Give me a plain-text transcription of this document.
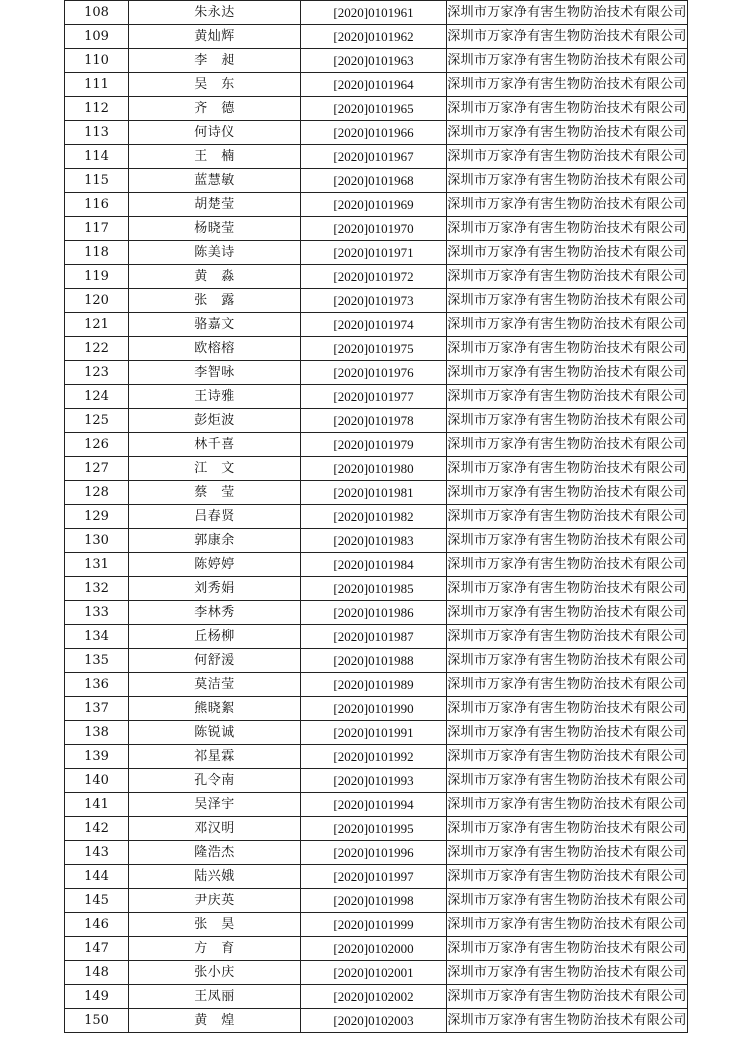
108	朱永达	[2020]0101961	深圳市万家净有害生物防治技术有限公司
109	黄灿辉	[2020]0101962	深圳市万家净有害生物防治技术有限公司
110	李　昶	[2020]0101963	深圳市万家净有害生物防治技术有限公司
111	吴　东	[2020]0101964	深圳市万家净有害生物防治技术有限公司
112	齐　德	[2020]0101965	深圳市万家净有害生物防治技术有限公司
113	何诗仪	[2020]0101966	深圳市万家净有害生物防治技术有限公司
114	王　楠	[2020]0101967	深圳市万家净有害生物防治技术有限公司
115	蓝慧敏	[2020]0101968	深圳市万家净有害生物防治技术有限公司
116	胡楚莹	[2020]0101969	深圳市万家净有害生物防治技术有限公司
117	杨晓莹	[2020]0101970	深圳市万家净有害生物防治技术有限公司
118	陈美诗	[2020]0101971	深圳市万家净有害生物防治技术有限公司
119	黄　淼	[2020]0101972	深圳市万家净有害生物防治技术有限公司
120	张　露	[2020]0101973	深圳市万家净有害生物防治技术有限公司
121	骆嘉文	[2020]0101974	深圳市万家净有害生物防治技术有限公司
122	欧榕榕	[2020]0101975	深圳市万家净有害生物防治技术有限公司
123	李智咏	[2020]0101976	深圳市万家净有害生物防治技术有限公司
124	王诗雅	[2020]0101977	深圳市万家净有害生物防治技术有限公司
125	彭炬波	[2020]0101978	深圳市万家净有害生物防治技术有限公司
126	林千喜	[2020]0101979	深圳市万家净有害生物防治技术有限公司
127	江　文	[2020]0101980	深圳市万家净有害生物防治技术有限公司
128	蔡　莹	[2020]0101981	深圳市万家净有害生物防治技术有限公司
129	吕春贤	[2020]0101982	深圳市万家净有害生物防治技术有限公司
130	郭康余	[2020]0101983	深圳市万家净有害生物防治技术有限公司
131	陈婷婷	[2020]0101984	深圳市万家净有害生物防治技术有限公司
132	刘秀娟	[2020]0101985	深圳市万家净有害生物防治技术有限公司
133	李林秀	[2020]0101986	深圳市万家净有害生物防治技术有限公司
134	丘杨柳	[2020]0101987	深圳市万家净有害生物防治技术有限公司
135	何舒湲	[2020]0101988	深圳市万家净有害生物防治技术有限公司
136	莫洁莹	[2020]0101989	深圳市万家净有害生物防治技术有限公司
137	熊晓絮	[2020]0101990	深圳市万家净有害生物防治技术有限公司
138	陈锐诚	[2020]0101991	深圳市万家净有害生物防治技术有限公司
139	祁星霖	[2020]0101992	深圳市万家净有害生物防治技术有限公司
140	孔令南	[2020]0101993	深圳市万家净有害生物防治技术有限公司
141	吴泽宇	[2020]0101994	深圳市万家净有害生物防治技术有限公司
142	邓汉明	[2020]0101995	深圳市万家净有害生物防治技术有限公司
143	隆浩杰	[2020]0101996	深圳市万家净有害生物防治技术有限公司
144	陆兴娥	[2020]0101997	深圳市万家净有害生物防治技术有限公司
145	尹庆英	[2020]0101998	深圳市万家净有害生物防治技术有限公司
146	张　昊	[2020]0101999	深圳市万家净有害生物防治技术有限公司
147	方　育	[2020]0102000	深圳市万家净有害生物防治技术有限公司
148	张小庆	[2020]0102001	深圳市万家净有害生物防治技术有限公司
149	王凤丽	[2020]0102002	深圳市万家净有害生物防治技术有限公司
150	黄　煌	[2020]0102003	深圳市万家净有害生物防治技术有限公司
